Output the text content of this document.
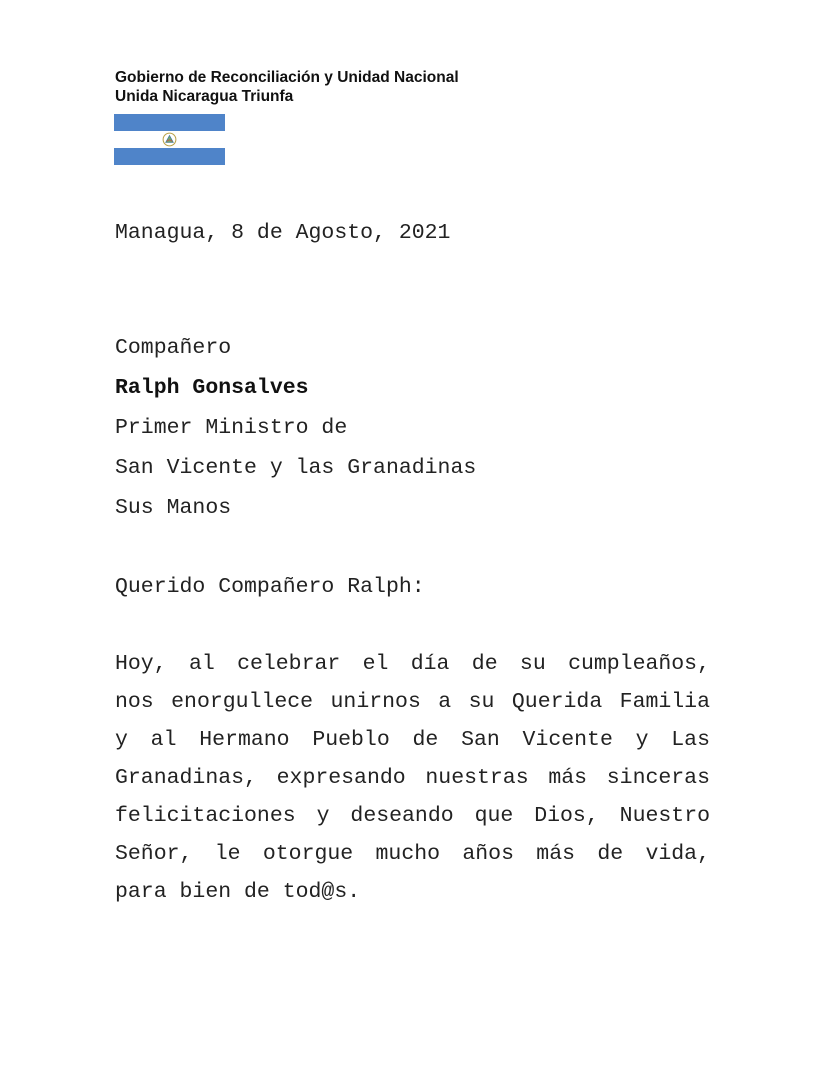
Gobierno de Reconciliación y Unidad Nacional
Unida Nicaragua Triunfa
Managua, 8 de Agosto, 2021
Compañero
Ralph Gonsalves
Primer Ministro de
San Vicente y las Granadinas
Sus Manos
Querido Compañero Ralph:
Hoy, al celebrar el día de su cumpleaños,
nos enorgullece unirnos a su Querida Familia
y al Hermano Pueblo de San Vicente y Las
Granadinas, expresando nuestras más sinceras
felicitaciones y deseando que Dios, Nuestro
Señor, le otorgue mucho años más de vida,
para bien de tod@s.
